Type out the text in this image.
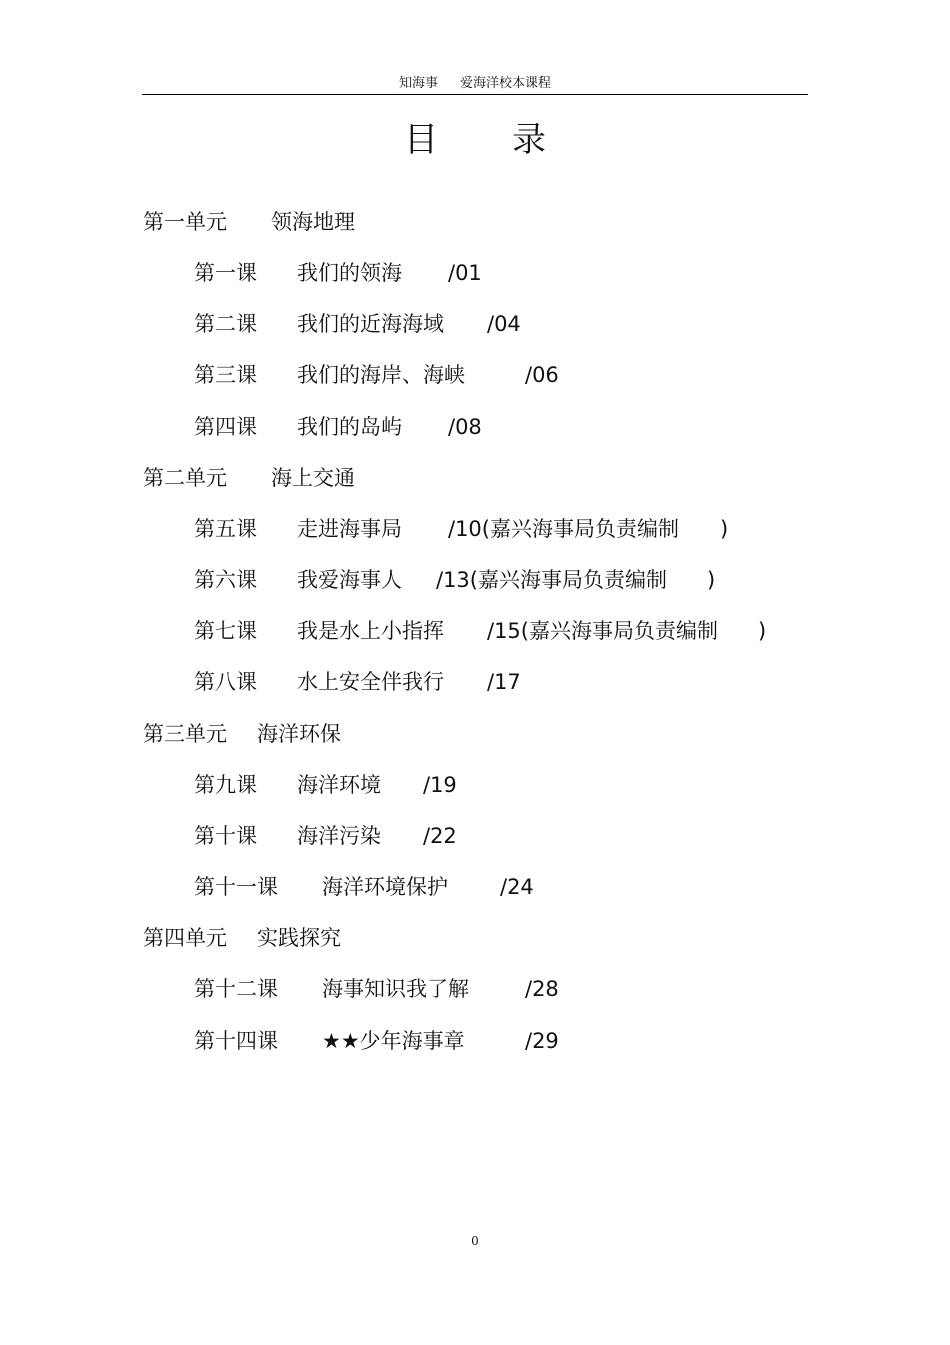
知海事 爱海洋校本课程
目 录
第一单元 领海地理
第一课 我们的领海 /01
第二课 我们的近海海域 /04
第三课 我们的海岸、海峡	/06
第四课 我们的岛屿 /08
第二单元 海上交通
第五课 走进海事局 /10(嘉兴海事局负责编制 )
第六课 我爱海事人 /13(嘉兴海事局负责编制 )
第七课 我是水上小指挥 /15(嘉兴海事局负责编制 )
第八课 水上安全伴我行 /17
第三单元 海洋环保
第九课 海洋环境 /19
第十课 海洋污染 /22
第十一课 海洋环境保护 /24
第四单元 实践探究
第十二课 海事知识我了解	/28
第十四课 ★★少年海事章	/29
0
